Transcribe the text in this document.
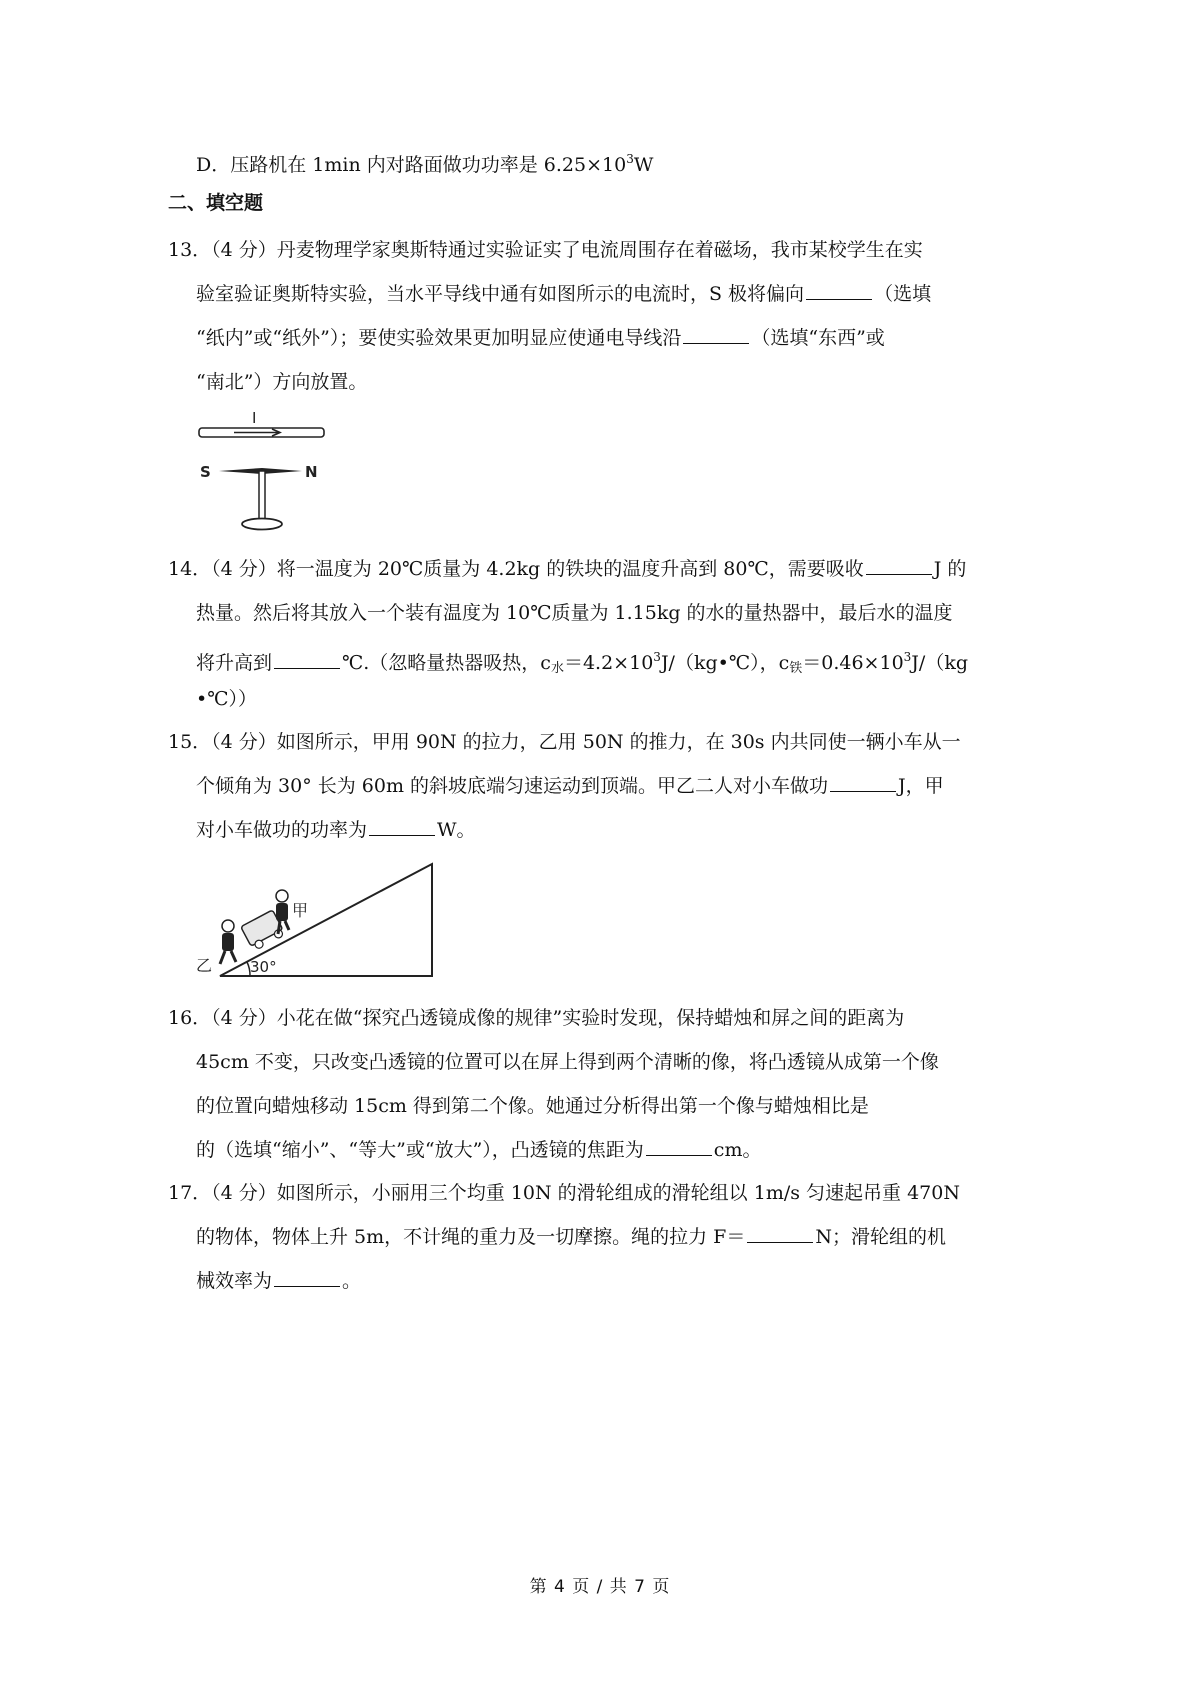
D．压路机在 1min 内对路面做功功率是 $6.25\times 10^3W$
二、填空题
13．（4 分）丹麦物理学家奥斯特通过实验证实了电流周围存在着磁场，我市某校学生在实
验室验证奥斯特实验，当水平导线中通有如图所示的电流时，S 极将偏向	（选填
“纸内”或“纸外”）；要使实验效果更加明显应使通电导线沿	（选填“东西”或
“南北”）方向放置。
I
S	N
14．（4 分）将一温度为 20℃质量为 4.2kg 的铁块的温度升高到 80℃，需要吸收	J 的
热量。然后将其放入一个装有温度为 10℃质量为 1.15kg 的水的量热器中，最后水的温度
将升高到	℃.（忽略量热器吸热，$c_水=4.2\times 10^3J/(kg•℃)$，$c_铁=0.46\times 10^3J/(kg$
•℃））
15．（4 分）如图所示，甲用 90N 的拉力，乙用 50N 的推力，在 30s 内共同使一辆小车从一
个倾角为 30° 长为 60m 的斜坡底端匀速运动到顶端。甲乙二人对小车做功	J，甲
对小车做功的功率为	W。
30°
甲
乙
16．（4 分）小花在做“探究凸透镜成像的规律”实验时发现，保持蜡烛和屏之间的距离为
45cm 不变，只改变凸透镜的位置可以在屏上得到两个清晰的像，将凸透镜从成第一个像
的位置向蜡烛移动 15cm 得到第二个像。她通过分析得出第一个像与蜡烛相比是
的（选填“缩小”、“等大”或“放大”），凸透镜的焦距为	cm。
17．（4 分）如图所示，小丽用三个均重 10N 的滑轮组成的滑轮组以 1m/s 匀速起吊重 470N
的物体，物体上升 5m，不计绳的重力及一切摩擦。绳的拉力 F＝	N；滑轮组的机
械效率为	。
第 4 页 / 共 7 页
